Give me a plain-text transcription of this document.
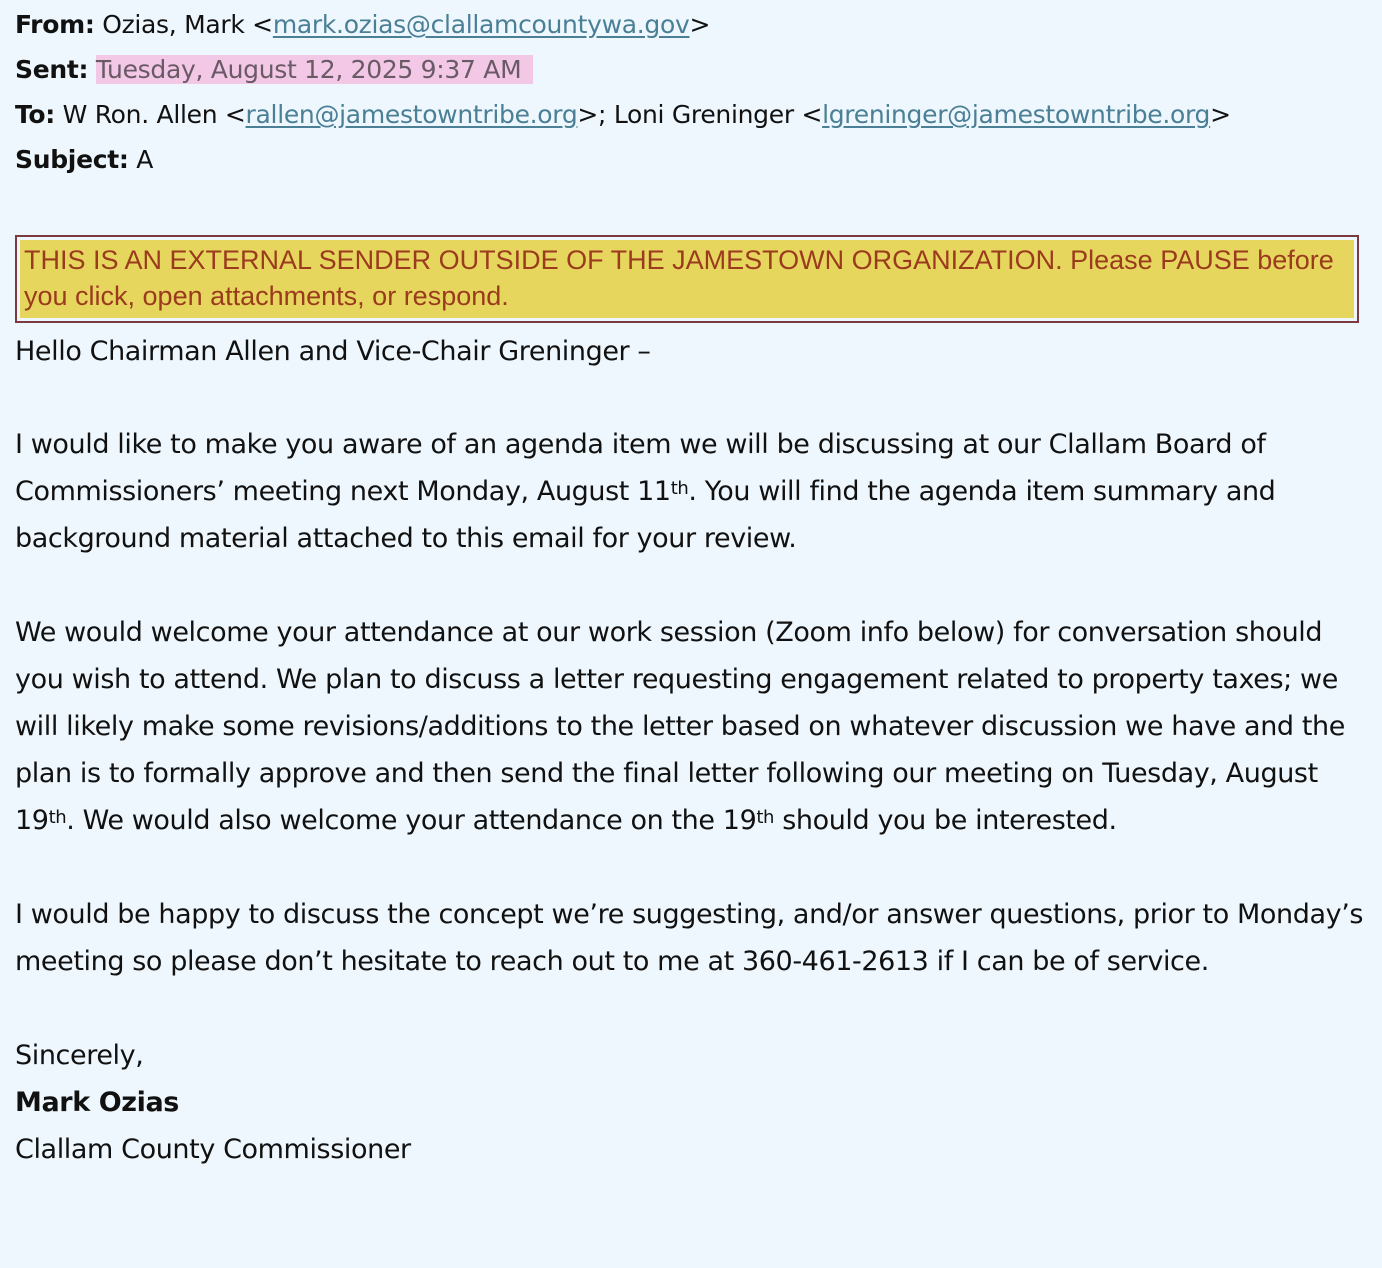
From: Ozias, Mark <mark.ozias@clallamcountywa.gov>
Sent: Tuesday, August 12, 2025 9:37 AM
To: W Ron. Allen <rallen@jamestowntribe.org>; Loni Greninger <lgreninger@jamestowntribe.org>
Subject: A
THIS IS AN EXTERNAL SENDER OUTSIDE OF THE JAMESTOWN ORGANIZATION. Please PAUSE before you click, open attachments, or respond.

Hello Chairman Allen and Vice-Chair Greninger –

I would like to make you aware of an agenda item we will be discussing at our Clallam Board of Commissioners’ meeting next Monday, August 11th. You will find the agenda item summary and background material attached to this email for your review.

We would welcome your attendance at our work session (Zoom info below) for conversation should you wish to attend. We plan to discuss a letter requesting engagement related to property taxes; we will likely make some revisions/additions to the letter based on whatever discussion we have and the plan is to formally approve and then send the final letter following our meeting on Tuesday, August 19th. We would also welcome your attendance on the 19th should you be interested.

I would be happy to discuss the concept we’re suggesting, and/or answer questions, prior to Monday’s meeting so please don’t hesitate to reach out to me at 360-461-2613 if I can be of service.

Sincerely,

Mark Ozias

Clallam County Commissioner
